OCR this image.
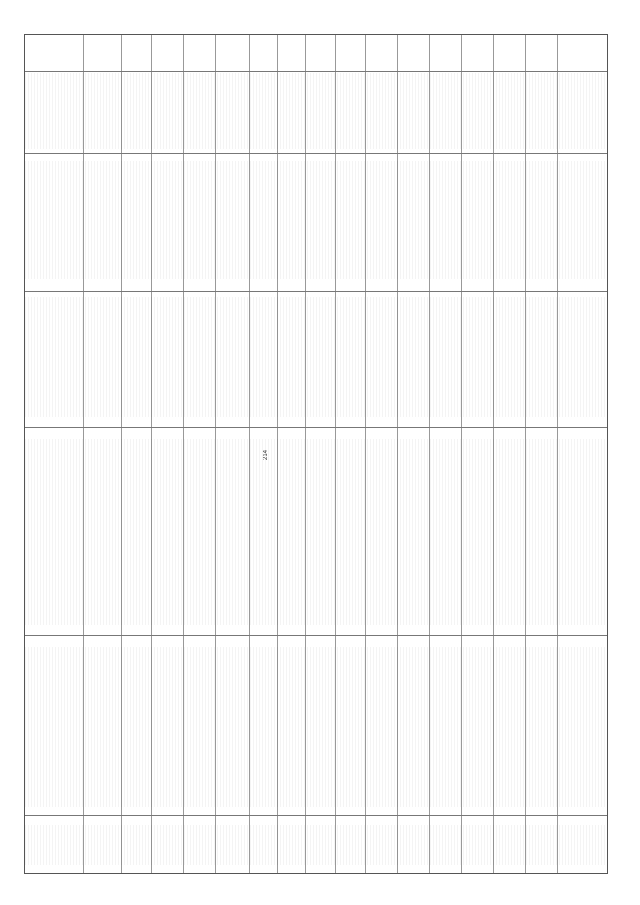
214
